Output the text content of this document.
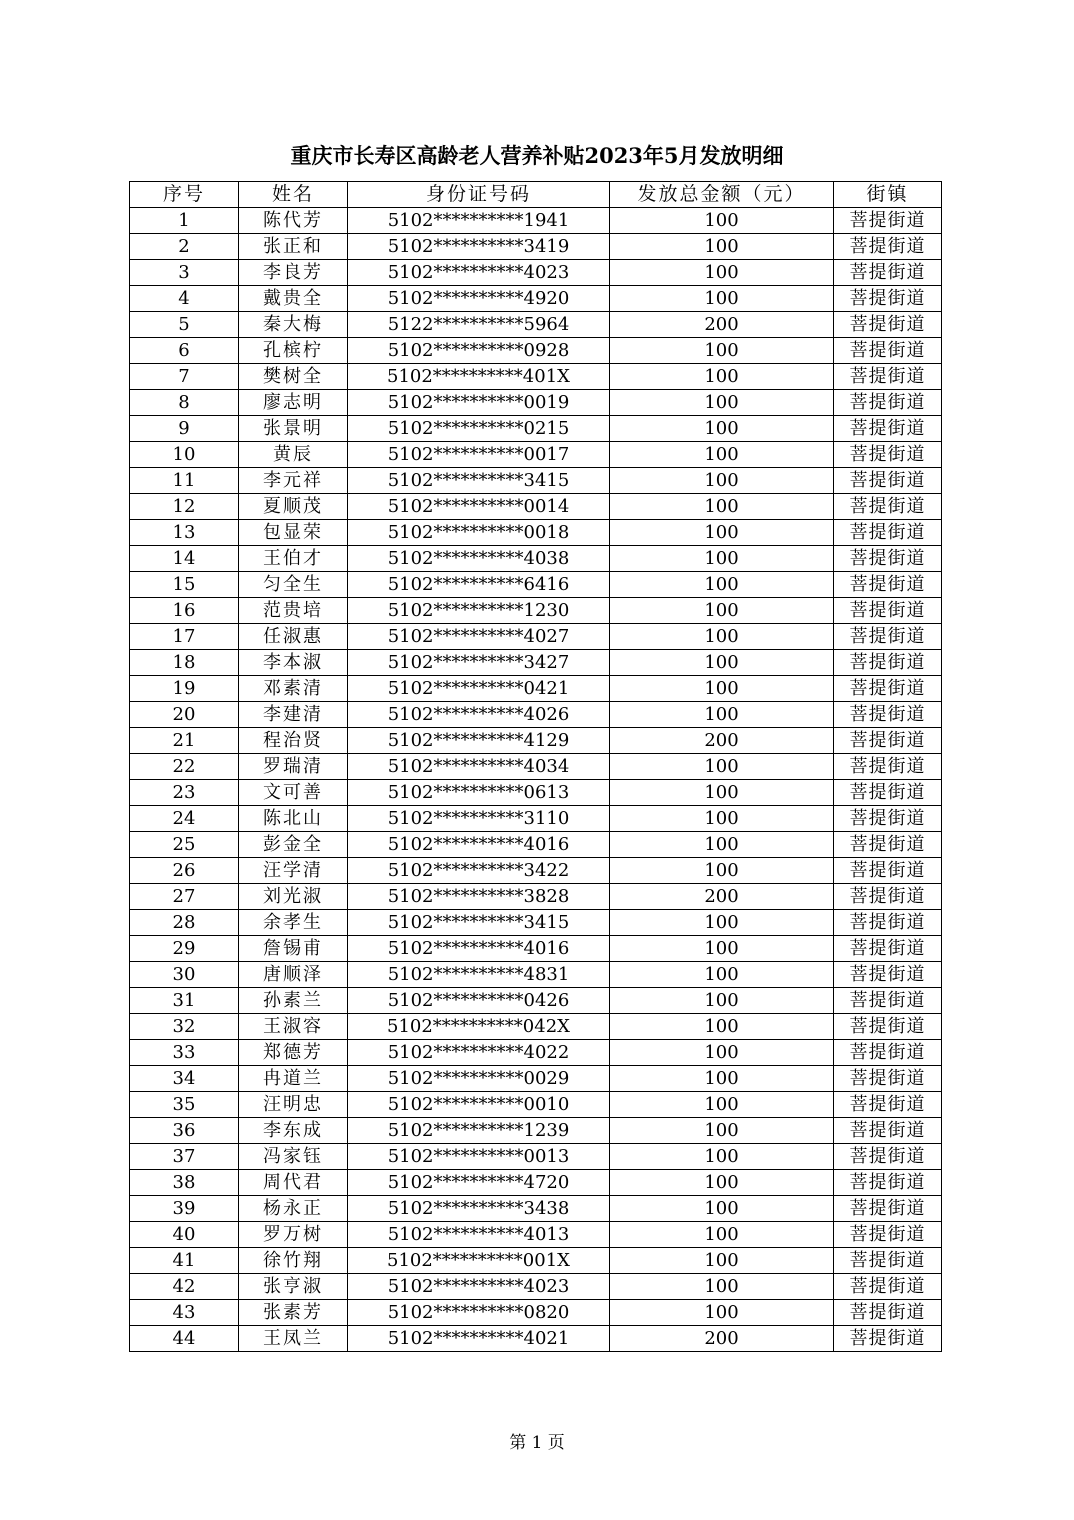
重庆市长寿区高龄老人营养补贴2023年5月发放明细
序号	姓名	身份证号码	发放总金额（元）	街镇
1	陈代芳	5102**********1941	100	菩提街道
2	张正和	5102**********3419	100	菩提街道
3	李良芳	5102**********4023	100	菩提街道
4	戴贵全	5102**********4920	100	菩提街道
5	秦大梅	5122**********5964	200	菩提街道
6	孔槟柠	5102**********0928	100	菩提街道
7	樊树全	5102**********401X	100	菩提街道
8	廖志明	5102**********0019	100	菩提街道
9	张景明	5102**********0215	100	菩提街道
10	黄辰	5102**********0017	100	菩提街道
11	李元祥	5102**********3415	100	菩提街道
12	夏顺茂	5102**********0014	100	菩提街道
13	包显荣	5102**********0018	100	菩提街道
14	王伯才	5102**********4038	100	菩提街道
15	匀全生	5102**********6416	100	菩提街道
16	范贵培	5102**********1230	100	菩提街道
17	任淑惠	5102**********4027	100	菩提街道
18	李本淑	5102**********3427	100	菩提街道
19	邓素清	5102**********0421	100	菩提街道
20	李建清	5102**********4026	100	菩提街道
21	程治贤	5102**********4129	200	菩提街道
22	罗瑞清	5102**********4034	100	菩提街道
23	文可善	5102**********0613	100	菩提街道
24	陈北山	5102**********3110	100	菩提街道
25	彭金全	5102**********4016	100	菩提街道
26	汪学清	5102**********3422	100	菩提街道
27	刘光淑	5102**********3828	200	菩提街道
28	余孝生	5102**********3415	100	菩提街道
29	詹锡甫	5102**********4016	100	菩提街道
30	唐顺泽	5102**********4831	100	菩提街道
31	孙素兰	5102**********0426	100	菩提街道
32	王淑容	5102**********042X	100	菩提街道
33	郑德芳	5102**********4022	100	菩提街道
34	冉道兰	5102**********0029	100	菩提街道
35	汪明忠	5102**********0010	100	菩提街道
36	李东成	5102**********1239	100	菩提街道
37	冯家钰	5102**********0013	100	菩提街道
38	周代君	5102**********4720	100	菩提街道
39	杨永正	5102**********3438	100	菩提街道
40	罗万树	5102**********4013	100	菩提街道
41	徐竹翔	5102**********001X	100	菩提街道
42	张亨淑	5102**********4023	100	菩提街道
43	张素芳	5102**********0820	100	菩提街道
44	王凤兰	5102**********4021	200	菩提街道
第 1 页
